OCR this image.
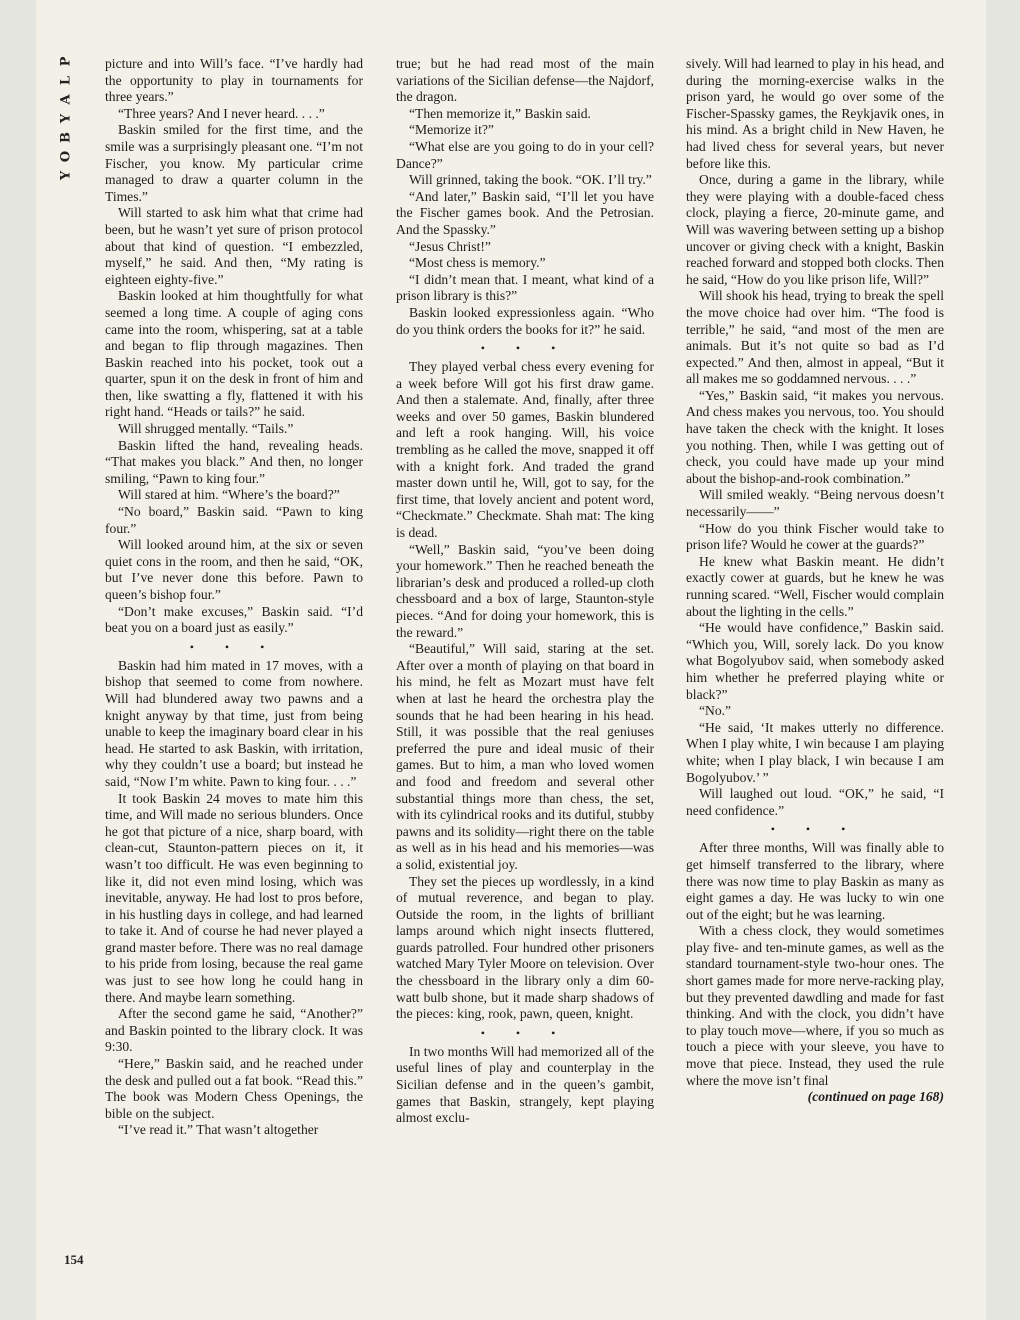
P
L
A
Y
B
O
Y

picture and into Will’s face. “I’ve hardly had the opportunity to play in tournaments for three years.”

“Three years? And I never heard. . . .”

Baskin smiled for the first time, and the smile was a surprisingly pleasant one. “I’m not Fischer, you know. My particular crime managed to draw a quarter column in the Times.”

Will started to ask him what that crime had been, but he wasn’t yet sure of prison protocol about that kind of question. “I embezzled, myself,” he said. And then, “My rating is eighteen eighty-five.”

Baskin looked at him thoughtfully for what seemed a long time. A couple of aging cons came into the room, whispering, sat at a table and began to flip through magazines. Then Baskin reached into his pocket, took out a quarter, spun it on the desk in front of him and then, like swatting a fly, flattened it with his right hand. “Heads or tails?” he said.

Will shrugged mentally. “Tails.”

Baskin lifted the hand, revealing heads. “That makes you black.” And then, no longer smiling, “Pawn to king four.”

Will stared at him. “Where’s the board?”

“No board,” Baskin said. “Pawn to king four.”

Will looked around him, at the six or seven quiet cons in the room, and then he said, “OK, but I’ve never done this before. Pawn to queen’s bishop four.”

“Don’t make excuses,” Baskin said. “I’d beat you on a board just as easily.”

• • •

Baskin had him mated in 17 moves, with a bishop that seemed to come from nowhere. Will had blundered away two pawns and a knight anyway by that time, just from being unable to keep the imaginary board clear in his head. He started to ask Baskin, with irritation, why they couldn’t use a board; but instead he said, “Now I’m white. Pawn to king four. . . .”

It took Baskin 24 moves to mate him this time, and Will made no serious blunders. Once he got that picture of a nice, sharp board, with clean-cut, Staunton-pattern pieces on it, it wasn’t too difficult. He was even beginning to like it, did not even mind losing, which was inevitable, anyway. He had lost to pros before, in his hustling days in college, and had learned to take it. And of course he had never played a grand master before. There was no real damage to his pride from losing, because the real game was just to see how long he could hang in there. And maybe learn something.

After the second game he said, “Another?” and Baskin pointed to the library clock. It was 9:30.

“Here,” Baskin said, and he reached under the desk and pulled out a fat book. “Read this.” The book was Modern Chess Openings, the bible on the subject.

“I’ve read it.” That wasn’t altogether

true; but he had read most of the main variations of the Sicilian defense—the Najdorf, the dragon.

“Then memorize it,” Baskin said.

“Memorize it?”

“What else are you going to do in your cell? Dance?”

Will grinned, taking the book. “OK. I’ll try.”

“And later,” Baskin said, “I’ll let you have the Fischer games book. And the Petrosian. And the Spassky.”

“Jesus Christ!”

“Most chess is memory.”

“I didn’t mean that. I meant, what kind of a prison library is this?”

Baskin looked expressionless again. “Who do you think orders the books for it?” he said.

• • •

They played verbal chess every evening for a week before Will got his first draw game. And then a stalemate. And, finally, after three weeks and over 50 games, Baskin blundered and left a rook hanging. Will, his voice trembling as he called the move, snapped it off with a knight fork. And traded the grand master down until he, Will, got to say, for the first time, that lovely ancient and potent word, “Checkmate.” Checkmate. Shah mat: The king is dead.

“Well,” Baskin said, “you’ve been doing your homework.” Then he reached beneath the librarian’s desk and produced a rolled-up cloth chessboard and a box of large, Staunton-style pieces. “And for doing your homework, this is the reward.”

“Beautiful,” Will said, staring at the set. After over a month of playing on that board in his mind, he felt as Mozart must have felt when at last he heard the orchestra play the sounds that he had been hearing in his head. Still, it was possible that the real geniuses preferred the pure and ideal music of their games. But to him, a man who loved women and food and freedom and several other substantial things more than chess, the set, with its cylindrical rooks and its dutiful, stubby pawns and its solidity—right there on the table as well as in his head and his memories—was a solid, existential joy.

They set the pieces up wordlessly, in a kind of mutual reverence, and began to play. Outside the room, in the lights of brilliant lamps around which night insects fluttered, guards patrolled. Four hundred other prisoners watched Mary Tyler Moore on television. Over the chessboard in the library only a dim 60-watt bulb shone, but it made sharp shadows of the pieces: king, rook, pawn, queen, knight.

• • •

In two months Will had memorized all of the useful lines of play and counterplay in the Sicilian defense and in the queen’s gambit, games that Baskin, strangely, kept playing almost exclu-

sively. Will had learned to play in his head, and during the morning-exercise walks in the prison yard, he would go over some of the Fischer-Spassky games, the Reykjavik ones, in his mind. As a bright child in New Haven, he had lived chess for several years, but never before like this.

Once, during a game in the library, while they were playing with a double-faced chess clock, playing a fierce, 20-minute game, and Will was wavering between setting up a bishop uncover or giving check with a knight, Baskin reached forward and stopped both clocks. Then he said, “How do you like prison life, Will?”

Will shook his head, trying to break the spell the move choice had over him. “The food is terrible,” he said, “and most of the men are animals. But it’s not quite so bad as I’d expected.” And then, almost in appeal, “But it all makes me so goddamned nervous. . . .”

“Yes,” Baskin said, “it makes you nervous. And chess makes you nervous, too. You should have taken the check with the knight. It loses you nothing. Then, while I was getting out of check, you could have made up your mind about the bishop-and-rook combination.”

Will smiled weakly. “Being nervous doesn’t necessarily——”

“How do you think Fischer would take to prison life? Would he cower at the guards?”

He knew what Baskin meant. He didn’t exactly cower at guards, but he knew he was running scared. “Well, Fischer would complain about the lighting in the cells.”

“He would have confidence,” Baskin said. “Which you, Will, sorely lack. Do you know what Bogolyubov said, when somebody asked him whether he preferred playing white or black?”

“No.”

“He said, ‘It makes utterly no difference. When I play white, I win because I am playing white; when I play black, I win because I am Bogolyubov.’ ”

Will laughed out loud. “OK,” he said, “I need confidence.”

• • •

After three months, Will was finally able to get himself transferred to the library, where there was now time to play Baskin as many as eight games a day. He was lucky to win one out of the eight; but he was learning.

With a chess clock, they would sometimes play five- and ten-minute games, as well as the standard tournament-style two-hour ones. The short games made for more nerve-racking play, but they prevented dawdling and made for fast thinking. And with the clock, you didn’t have to play touch move—where, if you so much as touch a piece with your sleeve, you have to move that piece. Instead, they used the rule where the move isn’t final

(continued on page 168)

154
